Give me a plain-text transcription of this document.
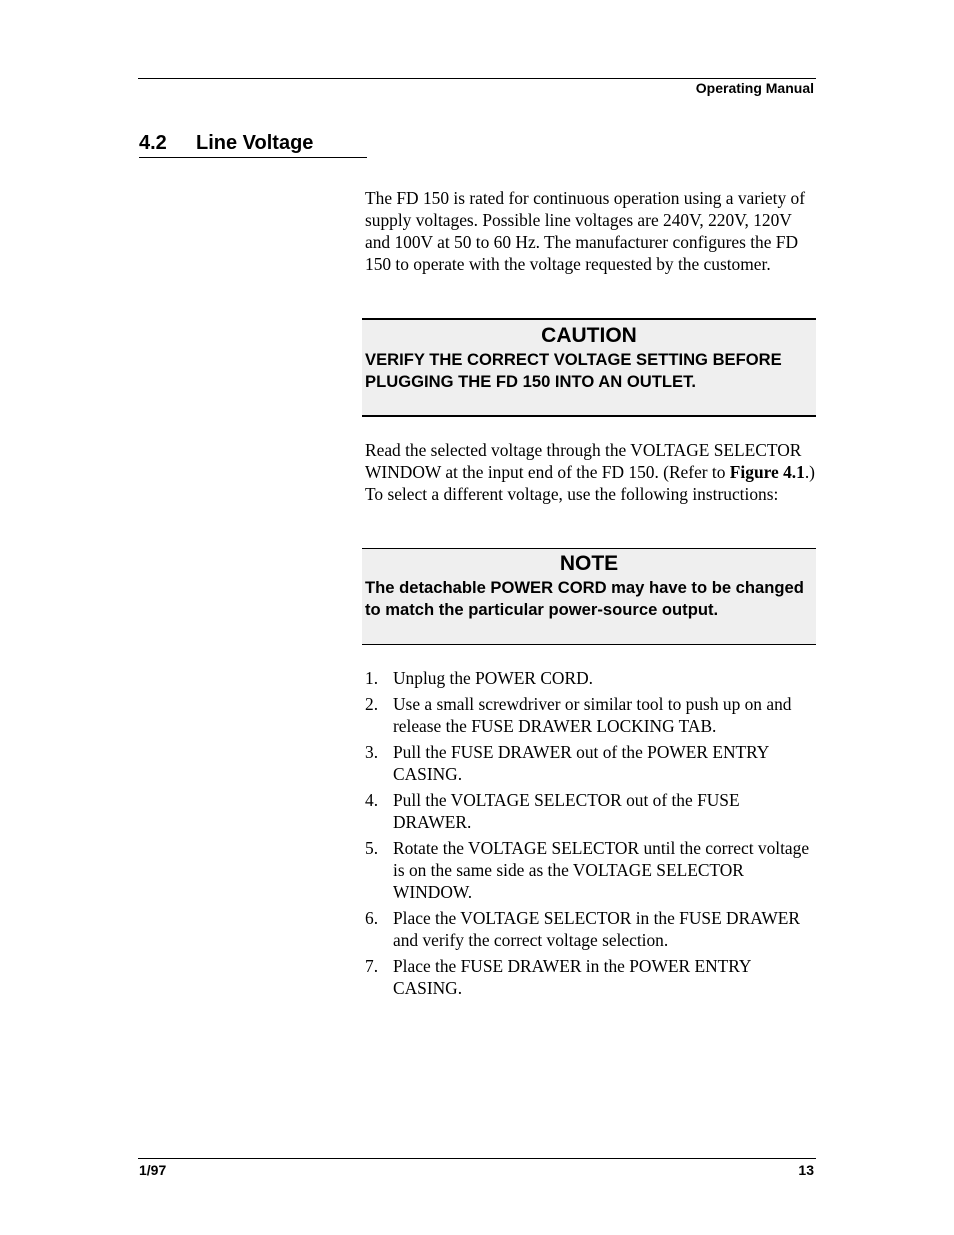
Operating Manual
4.2 Line Voltage
The FD 150 is rated for continuous operation using a variety of supply voltages. Possible line voltages are 240V, 220V, 120V and 100V at 50 to 60 Hz. The manufacturer configures the FD 150 to operate with the voltage requested by the customer.
CAUTION
VERIFY THE CORRECT VOLTAGE SETTING BEFORE PLUGGING THE FD 150 INTO AN OUTLET.
Read the selected voltage through the VOLTAGE SELECTOR WINDOW at the input end of the FD 150. (Refer to Figure 4.1.) To select a different voltage, use the following instructions:
NOTE
The detachable POWER CORD may have to be changed to match the particular power-source output.
1. Unplug the POWER CORD.
2. Use a small screwdriver or similar tool to push up on and release the FUSE DRAWER LOCKING TAB.
3. Pull the FUSE DRAWER out of the POWER ENTRY CASING.
4. Pull the VOLTAGE SELECTOR out of the FUSE DRAWER.
5. Rotate the VOLTAGE SELECTOR until the correct voltage is on the same side as the VOLTAGE SELECTOR WINDOW.
6. Place the VOLTAGE SELECTOR in the FUSE DRAWER and verify the correct voltage selection.
7. Place the FUSE DRAWER in the POWER ENTRY CASING.
1/97	13
